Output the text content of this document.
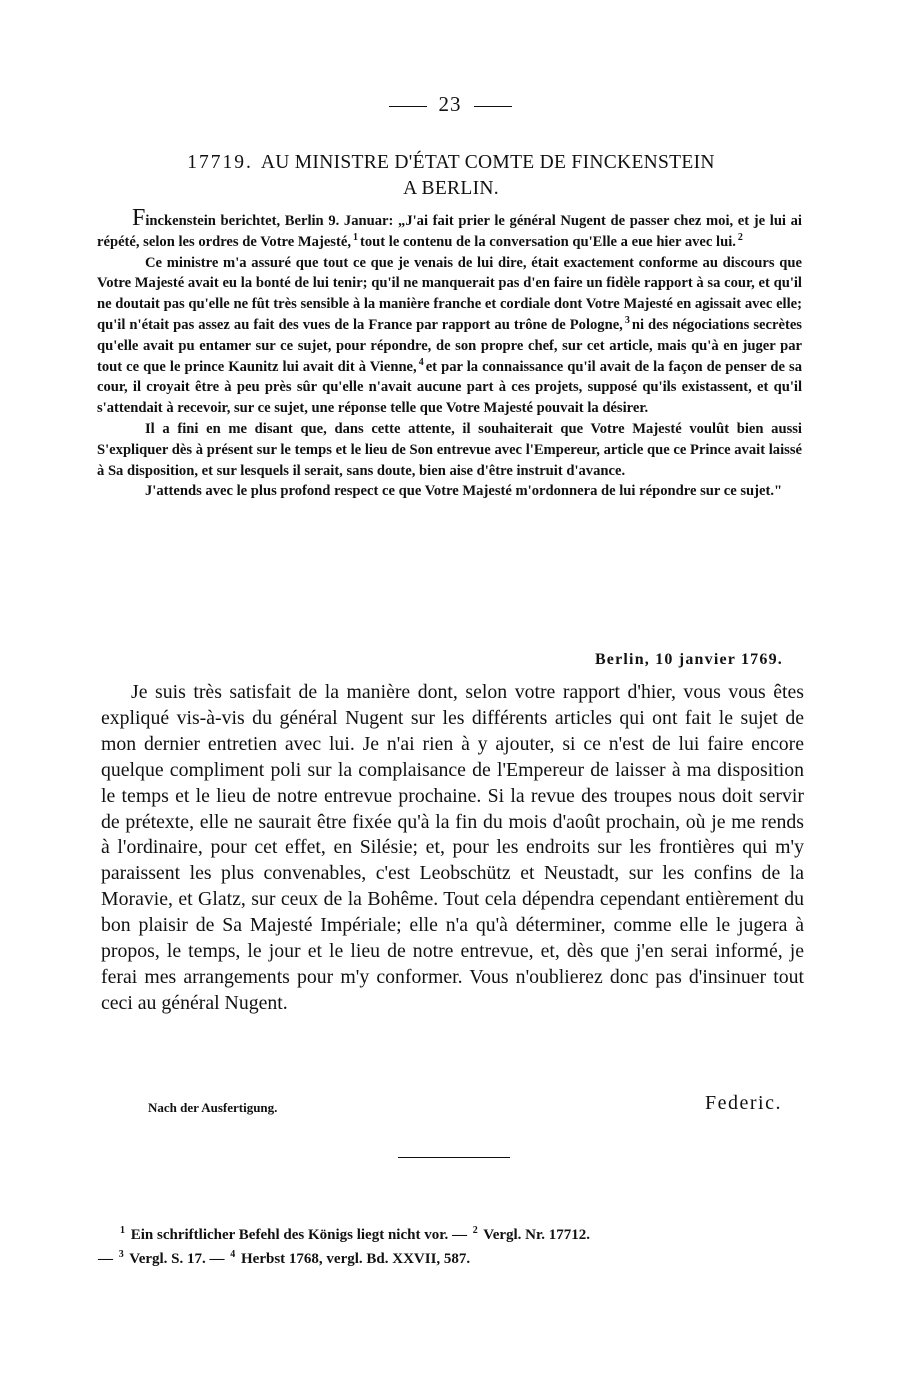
23
17719. AU MINISTRE D'ÉTAT COMTE DE FINCKENSTEIN
A BERLIN.

Finckenstein berichtet, Berlin 9. Januar: „J'ai fait prier le général Nugent de passer chez moi, et je lui ai répété, selon les ordres de Votre Majesté, $^1$ tout le contenu de la conversation qu'Elle a eue hier avec lui. $^2$

Ce ministre m'a assuré que tout ce que je venais de lui dire, était exactement conforme au discours que Votre Majesté avait eu la bonté de lui tenir; qu'il ne manquerait pas d'en faire un fidèle rapport à sa cour, et qu'il ne doutait pas qu'elle ne fût très sensible à la manière franche et cordiale dont Votre Majesté en agissait avec elle; qu'il n'était pas assez au fait des vues de la France par rapport au trône de Pologne, $^3$ ni des négociations secrètes qu'elle avait pu entamer sur ce sujet, pour répondre, de son propre chef, sur cet article, mais qu'à en juger par tout ce que le prince Kaunitz lui avait dit à Vienne, $^4$ et par la connaissance qu'il avait de la façon de penser de sa cour, il croyait être à peu près sûr qu'elle n'avait aucune part à ces projets, supposé qu'ils existassent, et qu'il s'attendait à recevoir, sur ce sujet, une réponse telle que Votre Majesté pouvait la désirer.

Il a fini en me disant que, dans cette attente, il souhaiterait que Votre Majesté voulût bien aussi S'expliquer dès à présent sur le temps et le lieu de Son entrevue avec l'Empereur, article que ce Prince avait laissé à Sa disposition, et sur lesquels il serait, sans doute, bien aise d'être instruit d'avance.

J'attends avec le plus profond respect ce que Votre Majesté m'ordonnera de lui répondre sur ce sujet."

Berlin, 10 janvier 1769.

Je suis très satisfait de la manière dont, selon votre rapport d'hier, vous vous êtes expliqué vis-à-vis du général Nugent sur les différents articles qui ont fait le sujet de mon dernier entretien avec lui. Je n'ai rien à y ajouter, si ce n'est de lui faire encore quelque compliment poli sur la complaisance de l'Empereur de laisser à ma disposition le temps et le lieu de notre entrevue prochaine. Si la revue des troupes nous doit servir de prétexte, elle ne saurait être fixée qu'à la fin du mois d'août prochain, où je me rends à l'ordinaire, pour cet effet, en Silésie; et, pour les endroits sur les frontières qui m'y paraissent les plus convenables, c'est Leobschütz et Neustadt, sur les confins de la Moravie, et Glatz, sur ceux de la Bohême. Tout cela dépendra cependant entièrement du bon plaisir de Sa Majesté Impériale; elle n'a qu'à déterminer, comme elle le jugera à propos, le temps, le jour et le lieu de notre entrevue, et, dès que j'en serai informé, je ferai mes arrangements pour m'y conformer. Vous n'oublierez donc pas d'insinuer tout ceci au général Nugent.

Nach der Ausfertigung.	Federic.
$^1$ Ein schriftlicher Befehl des Königs liegt nicht vor. — $^2$ Vergl. Nr. 17712.
— $^3$ Vergl. S. 17. — $^4$ Herbst 1768, vergl. Bd. XXVII, 587.
